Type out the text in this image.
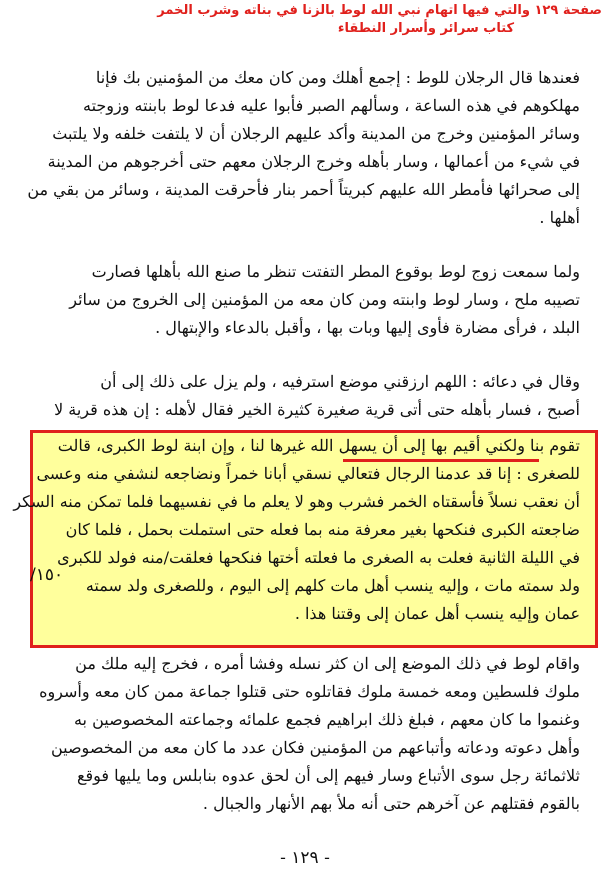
صفحة ١٢٩ والتي فيها اتهام نبي الله لوط بالزنا في بناته وشرب الخمر
كتاب سرائر وأسرار النطقاء
فعندها قال الرجلان للوط : إجمع أهلك ومن كان معك من المؤمنين بك فإنا
مهلكوهم في هذه الساعة ، وسألهم الصبر فأبوا عليه فدعا لوط بابنته وزوجته
وسائر المؤمنين وخرج من المدينة وأكد عليهم الرجلان أن لا يلتفت خلفه ولا يلتبث
في شيء من أعمالها ، وسار بأهله وخرج الرجلان معهم حتى أخرجوهم من المدينة
إلى صحرائها فأمطر الله عليهم كبريتاً أحمر بنار فأحرقت المدينة ، وسائر من بقي من
أهلها .
ولما سمعت زوج لوط بوقوع المطر التفتت تنظر ما صنع الله بأهلها فصارت
تصيبه ملح ، وسار لوط وابنته ومن كان معه من المؤمنين إلى الخروج من سائر
البلد ، فرأى مضارة فأوى إليها وبات بها ، وأقبل بالدعاء والإبتهال .
وقال في دعائه : اللهم ارزقني موضع استرفيه ، ولم يزل على ذلك إلى أن
أصبح ، فسار بأهله حتى أتى قرية صغيرة كثيرة الخير فقال لأهله : إن هذه قرية لا
تقوم بنا ولكني أقيم بها إلى أن يسهل الله غيرها لنا ، وإن ابنة لوط الكبرى، قالت
للصغرى : إنا قد عدمنا الرجال فتعالي نسقي أبانا خمراً ونضاجعه لنشفي منه وعسى
أن نعقب نسلاً فأسقتاه الخمر فشرب وهو لا يعلم ما في نفسيهما فلما تمكن منه السكر
ضاجعته الكبرى فنكحها بغير معرفة منه بما فعله حتى استملت بحمل ، فلما كان
في الليلة الثانية فعلت به الصغرى ما فعلته أختها فنكحها فعلقت/منه فولد للكبرى
ولد سمته مات ، وإليه ينسب أهل مات كلهم إلى اليوم ، وللصغرى ولد سمته
عمان وإليه ينسب أهل عمان إلى وقتنا هذا .
/١٥٠
واقام لوط في ذلك الموضع إلى ان كثر نسله وفشا أمره ، فخرج إليه ملك من
ملوك فلسطين ومعه خمسة ملوك فقاتلوه حتى قتلوا جماعة ممن كان معه وأسروه
وغنموا ما كان معهم ، فبلغ ذلك ابراهيم فجمع علمائه وجماعته المخصوصين به
وأهل دعوته ودعاته وأتباعهم من المؤمنين فكان عدد ما كان معه من المخصوصين
ثلاثمائة رجل سوى الأتباع وسار فيهم إلى أن لحق عدوه بنابلس وما يليها فوقع
بالقوم فقتلهم عن آخرهم حتى أنه ملأ بهم الأنهار والجبال .
- ١٢٩ -
